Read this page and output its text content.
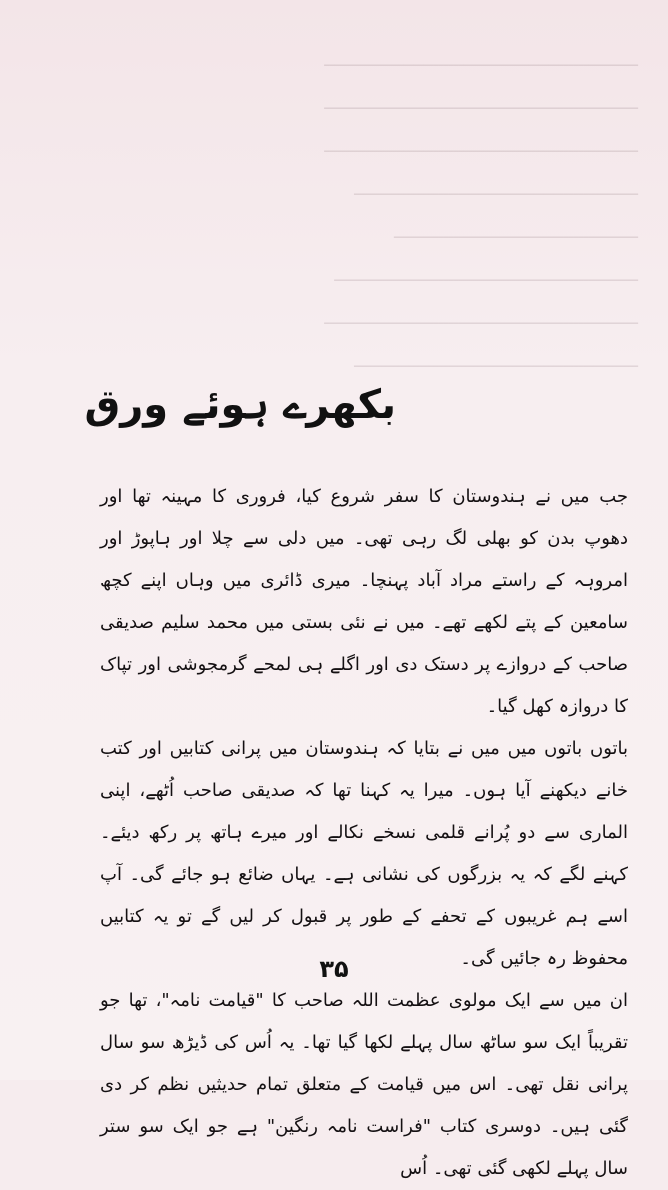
ـــــــــــــــــــــــــــــــــــــــــــــــــــــــــــــــ
ـــــــــــــــــــــــــــــــــــــــــــــــــــــــــــــــ
ـــــــــــــــــــــــــــــــــــــــــــــــــــــــــــــــ
ـــــــــــــــــــــــــــــــــــــــــــــــــــــــــ
ـــــــــــــــــــــــــــــــــــــــــــــــــ
ـــــــــــــــــــــــــــــــــــــــــــــــــــــــــــــ
ـــــــــــــــــــــــــــــــــــــــــــــــــــــــــــــــ
ـــــــــــــــــــــــــــــــــــــــــــــــــــــــــ
بکھرے ہوئے ورق

جب میں نے ہندوستان کا سفر شروع کیا، فروری کا مہینہ تھا اور دھوپ بدن کو بھلی لگ رہی تھی۔ میں دلی سے چلا اور ہاپوڑ اور امروہہ کے راستے مراد آباد پہنچا۔ میری ڈائری میں وہاں اپنے کچھ سامعین کے پتے لکھے تھے۔ میں نے نئی بستی میں محمد سلیم صدیقی صاحب کے دروازے پر دستک دی اور اگلے ہی لمحے گرمجوشی اور تپاک کا دروازہ کھل گیا۔

باتوں باتوں میں میں نے بتایا کہ ہندوستان میں پرانی کتابیں اور کتب خانے دیکھنے آیا ہوں۔ میرا یہ کہنا تھا کہ صدیقی صاحب اُٹھے، اپنی الماری سے دو پُرانے قلمی نسخے نکالے اور میرے ہاتھ پر رکھ دیئے۔ کہنے لگے کہ یہ بزرگوں کی نشانی ہے۔ یہاں ضائع ہو جائے گی۔ آپ اسے ہم غریبوں کے تحفے کے طور پر قبول کر لیں گے تو یہ کتابیں محفوظ رہ جائیں گی۔

ان میں سے ایک مولوی عظمت اللہ صاحب کا "قیامت نامہ"، تھا جو تقریباً ایک سو ساٹھ سال پہلے لکھا گیا تھا۔ یہ اُس کی ڈیڑھ سو سال پرانی نقل تھی۔ اس میں قیامت کے متعلق تمام حدیثیں نظم کر دی گئی ہیں۔ دوسری کتاب "فراست نامہ رنگین" ہے جو ایک سو ستر سال پہلے لکھی گئی تھی۔ اُس

۳۵
